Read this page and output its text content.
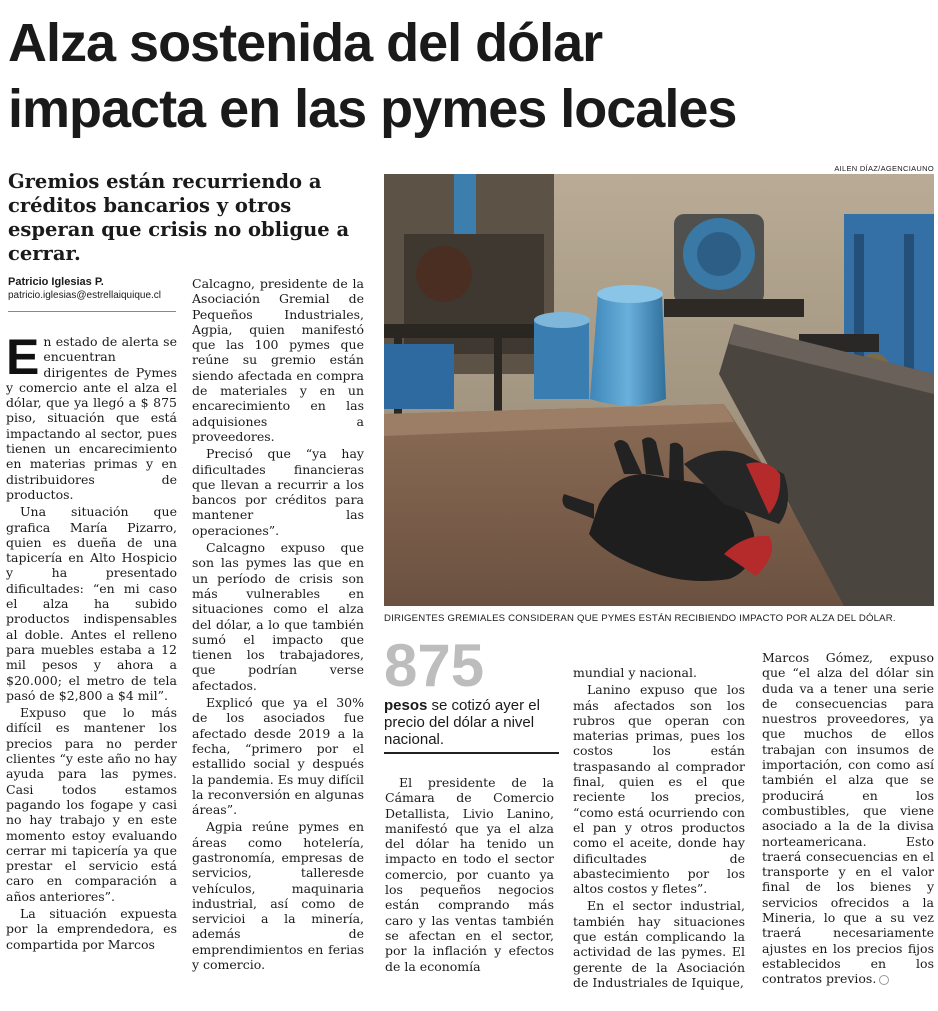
Alza sostenida del dólar
impacta en las pymes locales
Gremios están recurriendo a créditos bancarios y otros esperan que crisis no obligue a cerrar.
AILEN DÍAZ/AGENCIAUNO
Patricio Iglesias P.
patricio.iglesias@estrellaiquique.cl

En estado de alerta se encuentran dirigentes de Pymes y comercio ante el alza el dólar, que ya llegó a $ 875 piso, situación que está impactando al sector, pues tienen un encarecimiento en materias primas y en distribuidores de productos.

Una situación que grafica María Pizarro, quien es dueña de una tapicería en Alto Hospicio y ha presentado dificultades: “en mi caso el alza ha subido productos indispensables al doble. Antes el relleno para muebles estaba a 12 mil pesos y ahora a $20.000; el metro de tela pasó de $2,800 a $4 mil”.

Expuso que lo más difícil es mantener los precios para no perder clientes “y este año no hay ayuda para las pymes. Casi todos estamos pagando los fogape y casi no hay trabajo y en este momento estoy evaluando cerrar mi tapicería ya que prestar el servicio está caro en comparación a años anteriores”.

La situación expuesta por la emprendedora, es compartida por Marcos

Calcagno, presidente de la Asociación Gremial de Pequeños Industriales, Agpia, quien manifestó que las 100 pymes que reúne su gremio están siendo afectada en compra de materiales y en un encarecimiento en las adquisiones a proveedores.

Precisó que “ya hay dificultades financieras que llevan a recurrir a los bancos por créditos para mantener las operaciones”.

Calcagno expuso que son las pymes las que en un período de crisis son más vulnerables en situaciones como el alza del dólar, a lo que también sumó el impacto que tienen los trabajadores, que podrían verse afectados.

Explicó que ya el 30% de los asociados fue afectado desde 2019 a la fecha, “primero por el estallido social y después la pandemia. Es muy difícil la reconversión en algunas áreas”.

Agpia reúne pymes en áreas como hotelería, gastronomía, empresas de servicios, talleresde vehículos, maquinaria industrial, así como de servicioi a la minería, además de emprendimientos en ferias y comercio.

DIRIGENTES GREMIALES CONSIDERAN QUE PYMES ESTÁN RECIBIENDO IMPACTO POR ALZA DEL DÓLAR.
875
pesos se cotizó ayer el precio del dólar a nivel nacional.

El presidente de la Cámara de Comercio Detallista, Livio Lanino, manifestó que ya el alza del dólar ha tenido un impacto en todo el sector comercio, por cuanto ya los pequeños negocios están comprando más caro y las ventas también se afectan en el sector, por la inflación y efectos de la economía

mundial y nacional.

Lanino expuso que los más afectados son los rubros que operan con materias primas, pues los costos los están traspasando al comprador final, quien es el que reciente los precios, “como está ocurriendo con el pan y otros productos como el aceite, donde hay dificultades de abastecimiento por los altos costos y fletes”.

En el sector industrial, también hay situaciones que están complicando la actividad de las pymes. El gerente de la Asociación de Industriales de Iquique,

Marcos Gómez, expuso que “el alza del dólar sin duda va a tener una serie de consecuencias para nuestros proveedores, ya que muchos de ellos trabajan con insumos de importación, con como así también el alza que se producirá en los combustibles, que viene asociado a la de la divisa norteamericana. Esto traerá consecuencias en el transporte y en el valor final de los bienes y servicios ofrecidos a la Mineria, lo que a su vez traerá necesariamente ajustes en los precios fijos establecidos en los contratos previos.
